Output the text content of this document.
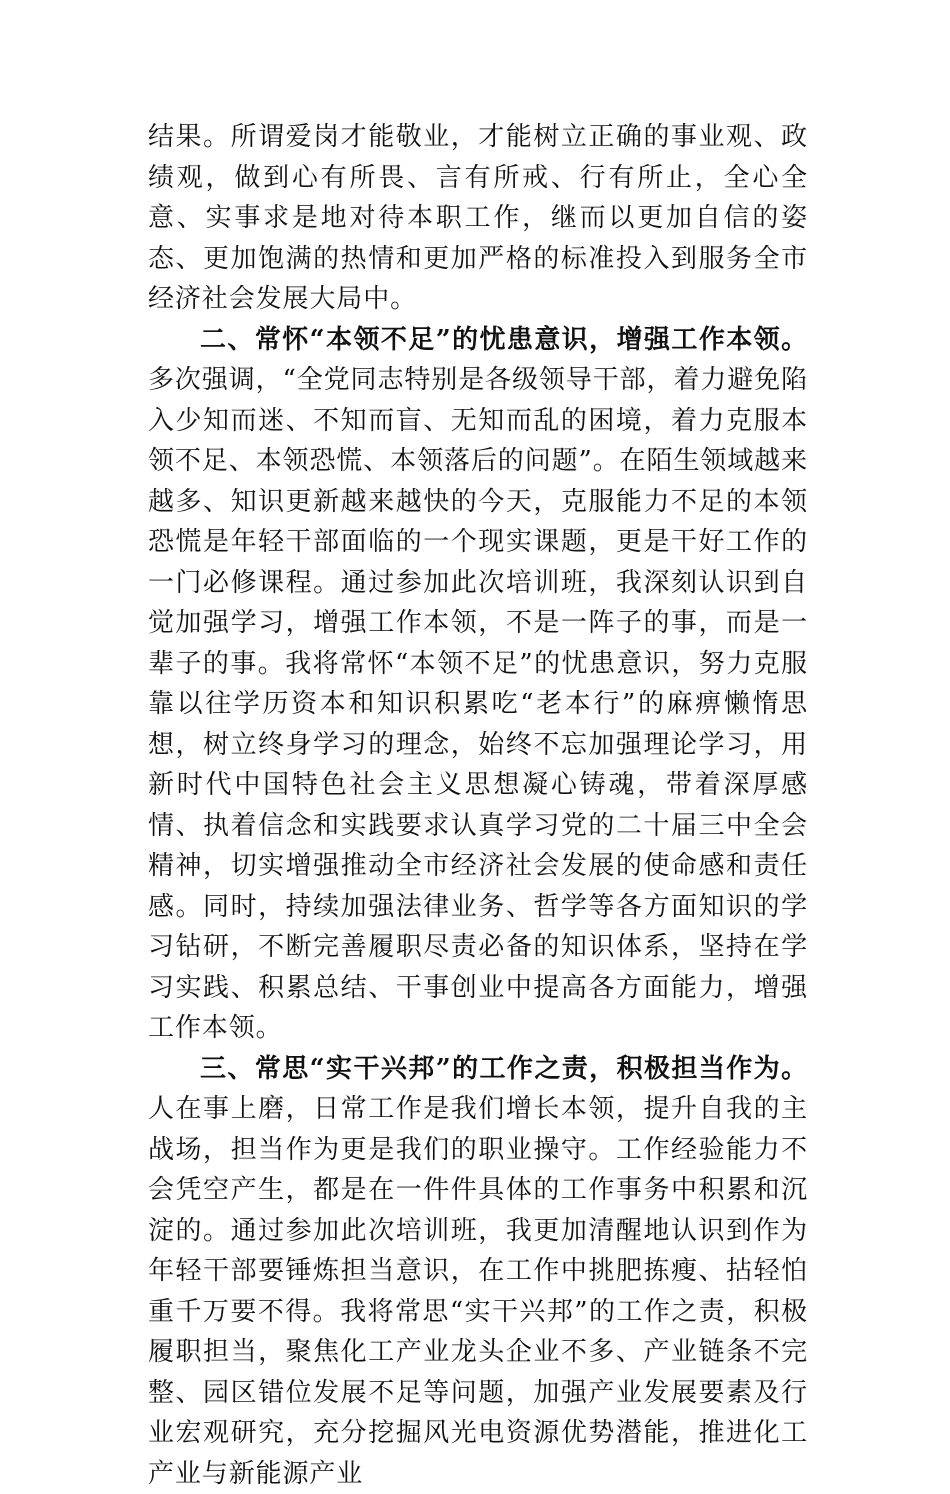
结果。所谓爱岗才能敬业，才能树立正确的事业观、政绩观，做到心有所畏、言有所戒、行有所止，全心全意、实事求是地对待本职工作，继而以更加自信的姿态、更加饱满的热情和更加严格的标准投入到服务全市经济社会发展大局中。

二、常怀“本领不足”的忧患意识，增强工作本领。多次强调，“全党同志特别是各级领导干部，着力避免陷入少知而迷、不知而盲、无知而乱的困境，着力克服本领不足、本领恐慌、本领落后的问题”。在陌生领域越来越多、知识更新越来越快的今天，克服能力不足的本领恐慌是年轻干部面临的一个现实课题，更是干好工作的一门必修课程。通过参加此次培训班，我深刻认识到自觉加强学习，增强工作本领，不是一阵子的事，而是一辈子的事。我将常怀“本领不足”的忧患意识，努力克服靠以往学历资本和知识积累吃“老本行”的麻痹懒惰思想，树立终身学习的理念，始终不忘加强理论学习，用新时代中国特色社会主义思想凝心铸魂，带着深厚感情、执着信念和实践要求认真学习党的二十届三中全会精神，切实增强推动全市经济社会发展的使命感和责任感。同时，持续加强法律业务、哲学等各方面知识的学习钻研，不断完善履职尽责必备的知识体系，坚持在学习实践、积累总结、干事创业中提高各方面能力，增强工作本领。

三、常思“实干兴邦”的工作之责，积极担当作为。人在事上磨，日常工作是我们增长本领，提升自我的主战场，担当作为更是我们的职业操守。工作经验能力不会凭空产生，都是在一件件具体的工作事务中积累和沉淀的。通过参加此次培训班，我更加清醒地认识到作为年轻干部要锤炼担当意识，在工作中挑肥拣瘦、拈轻怕重千万要不得。我将常思“实干兴邦”的工作之责，积极履职担当，聚焦化工产业龙头企业不多、产业链条不完整、园区错位发展不足等问题，加强产业发展要素及行业宏观研究，充分挖掘风光电资源优势潜能，推进化工产业与新能源产业
